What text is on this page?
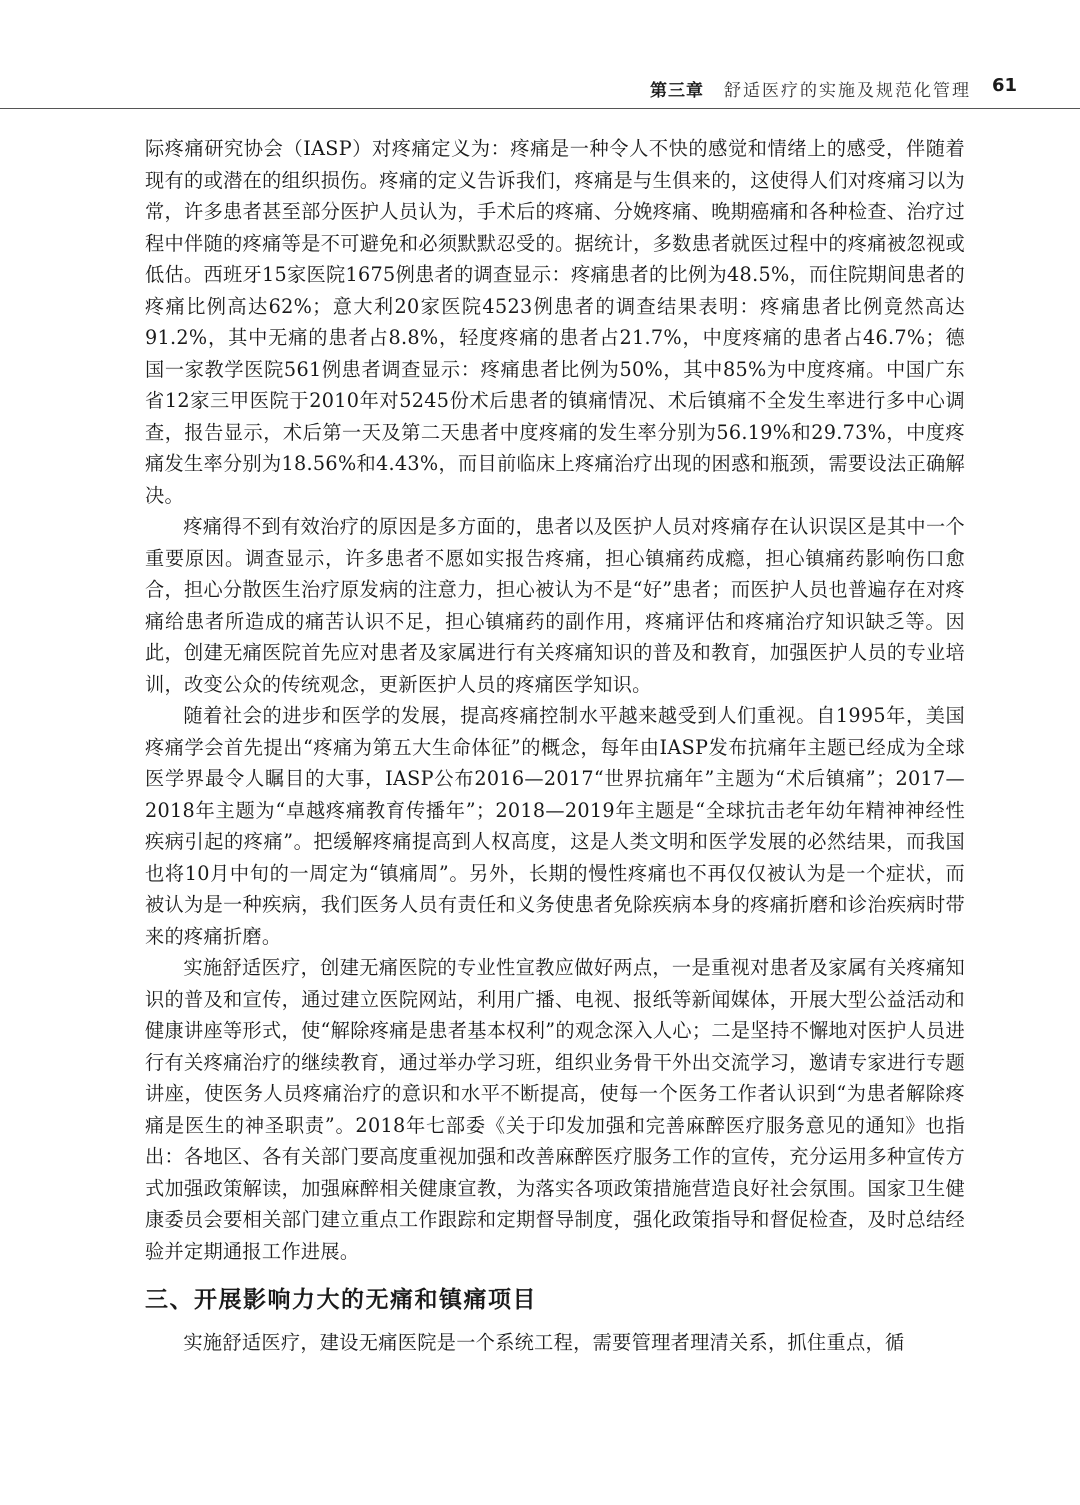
第三章 舒适医疗的实施及规范化管理 61

际疼痛研究协会（IASP）对疼痛定义为：疼痛是一种令人不快的感觉和情绪上的感受，伴随着现有的或潜在的组织损伤。疼痛的定义告诉我们，疼痛是与生俱来的，这使得人们对疼痛习以为常，许多患者甚至部分医护人员认为，手术后的疼痛、分娩疼痛、晚期癌痛和各种检查、治疗过程中伴随的疼痛等是不可避免和必须默默忍受的。据统计，多数患者就医过程中的疼痛被忽视或低估。西班牙15家医院1675例患者的调查显示：疼痛患者的比例为48.5%，而住院期间患者的疼痛比例高达62%；意大利20家医院4523例患者的调查结果表明：疼痛患者比例竟然高达91.2%，其中无痛的患者占8.8%，轻度疼痛的患者占21.7%，中度疼痛的患者占46.7%；德国一家教学医院561例患者调查显示：疼痛患者比例为50%，其中85%为中度疼痛。中国广东省12家三甲医院于2010年对5245份术后患者的镇痛情况、术后镇痛不全发生率进行多中心调查，报告显示，术后第一天及第二天患者中度疼痛的发生率分别为56.19%和29.73%，中度疼痛发生率分别为18.56%和4.43%，而目前临床上疼痛治疗出现的困惑和瓶颈，需要设法正确解决。

疼痛得不到有效治疗的原因是多方面的，患者以及医护人员对疼痛存在认识误区是其中一个重要原因。调查显示，许多患者不愿如实报告疼痛，担心镇痛药成瘾，担心镇痛药影响伤口愈合，担心分散医生治疗原发病的注意力，担心被认为不是“好”患者；而医护人员也普遍存在对疼痛给患者所造成的痛苦认识不足，担心镇痛药的副作用，疼痛评估和疼痛治疗知识缺乏等。因此，创建无痛医院首先应对患者及家属进行有关疼痛知识的普及和教育，加强医护人员的专业培训，改变公众的传统观念，更新医护人员的疼痛医学知识。

随着社会的进步和医学的发展，提高疼痛控制水平越来越受到人们重视。自1995年，美国疼痛学会首先提出“疼痛为第五大生命体征”的概念，每年由IASP发布抗痛年主题已经成为全球医学界最令人瞩目的大事，IASP公布2016—2017“世界抗痛年”主题为“术后镇痛”；2017—2018年主题为“卓越疼痛教育传播年”；2018—2019年主题是“全球抗击老年幼年精神神经性疾病引起的疼痛”。把缓解疼痛提高到人权高度，这是人类文明和医学发展的必然结果，而我国也将10月中旬的一周定为“镇痛周”。另外，长期的慢性疼痛也不再仅仅被认为是一个症状，而被认为是一种疾病，我们医务人员有责任和义务使患者免除疾病本身的疼痛折磨和诊治疾病时带来的疼痛折磨。

实施舒适医疗，创建无痛医院的专业性宣教应做好两点，一是重视对患者及家属有关疼痛知识的普及和宣传，通过建立医院网站，利用广播、电视、报纸等新闻媒体，开展大型公益活动和健康讲座等形式，使“解除疼痛是患者基本权利”的观念深入人心；二是坚持不懈地对医护人员进行有关疼痛治疗的继续教育，通过举办学习班，组织业务骨干外出交流学习，邀请专家进行专题讲座，使医务人员疼痛治疗的意识和水平不断提高，使每一个医务工作者认识到“为患者解除疼痛是医生的神圣职责”。2018年七部委《关于印发加强和完善麻醉医疗服务意见的通知》也指出：各地区、各有关部门要高度重视加强和改善麻醉医疗服务工作的宣传，充分运用多种宣传方式加强政策解读，加强麻醉相关健康宣教，为落实各项政策措施营造良好社会氛围。国家卫生健康委员会要相关部门建立重点工作跟踪和定期督导制度，强化政策指导和督促检查，及时总结经验并定期通报工作进展。

三、开展影响力大的无痛和镇痛项目

实施舒适医疗，建设无痛医院是一个系统工程，需要管理者理清关系，抓住重点，循
